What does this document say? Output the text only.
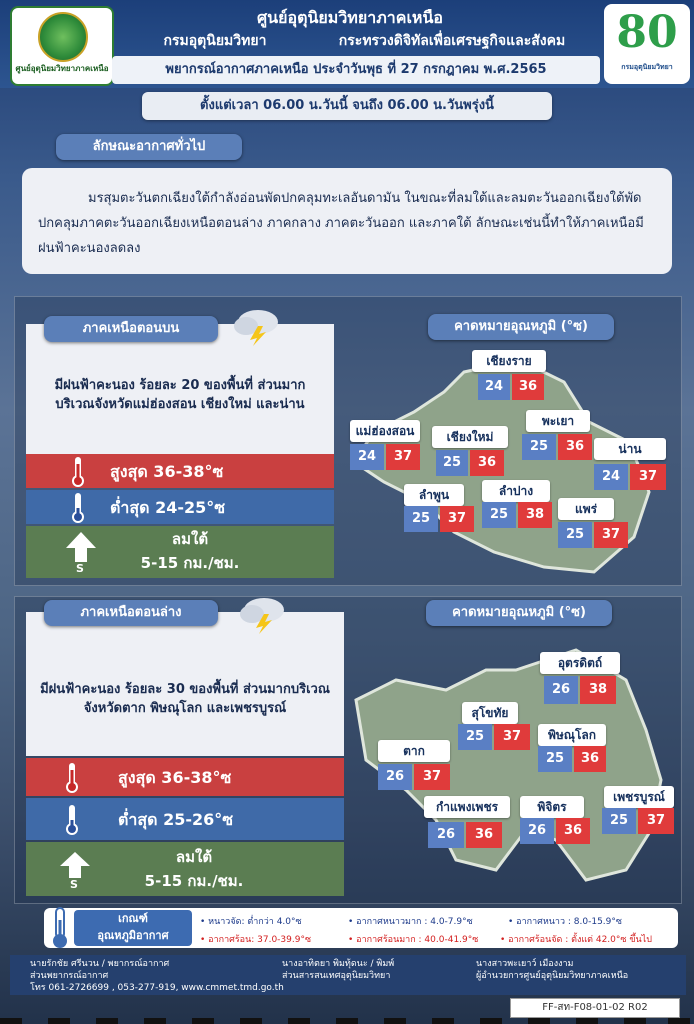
ศูนย์อุตุนิยมวิทยาภาคเหนือ
ศูนย์อุตุนิยมวิทยาภาคเหนือ
กรมอุตุนิยมวิทยา	กระทรวงดิจิทัลเพื่อเศรษฐกิจและสังคม
พยากรณ์อากาศภาคเหนือ ประจำวันพุธ ที่ 27 กรกฎาคม พ.ศ.2565
80
กรมอุตุนิยมวิทยา
ตั้งแต่เวลา 06.00 น.วันนี้ จนถึง 06.00 น.วันพรุ่งนี้
ลักษณะอากาศทั่วไป
มรสุมตะวันตกเฉียงใต้กำลังอ่อนพัดปกคลุมทะเลอันดามัน ในขณะที่ลมใต้และลมตะวันออกเฉียงใต้พัดปกคลุมภาคตะวันออกเฉียงเหนือตอนล่าง ภาคกลาง ภาคตะวันออก และภาคใต้ ลักษณะเช่นนี้ทำให้ภาคเหนือมีฝนฟ้าคะนองลดลง
ภาคเหนือตอนบน
มีฝนฟ้าคะนอง ร้อยละ 20 ของพื้นที่ ส่วนมากบริเวณจังหวัดแม่ฮ่องสอน เชียงใหม่ และน่าน
สูงสุด 36-38°ซ
ต่ำสุด 24-25°ซ
S
ลมใต้
5-15 กม./ชม.
คาดหมายอุณหภูมิ (°ซ)
เชียงราย
24	36
แม่ฮ่องสอน
24	37
เชียงใหม่
25	36
พะเยา
25	36	น่าน
24	37
ลำพูน
25	37
ลำปาง
25	38	แพร่
25	37
ภาคเหนือตอนล่าง
มีฝนฟ้าคะนอง ร้อยละ 30 ของพื้นที่ ส่วนมากบริเวณจังหวัดตาก พิษณุโลก และเพชรบูรณ์
สูงสุด 36-38°ซ
ต่ำสุด 25-26°ซ
S
ลมใต้
5-15 กม./ชม.
คาดหมายอุณหภูมิ (°ซ)
อุตรดิตถ์
26	38
สุโขทัย
25	37	พิษณุโลก
25	36
ตาก
26	37
กำแพงเพชร
26	36
พิจิตร
26	36
เพชรบูรณ์
25	37
เกณฑ์
อุณหภูมิอากาศ
• หนาวจัด: ต่ำกว่า 4.0°ซ	• อากาศหนาวมาก : 4.0-7.9°ซ	• อากาศหนาว : 8.0-15.9°ซ
• อากาศร้อน: 37.0-39.9°ซ	• อากาศร้อนมาก : 40.0-41.9°ซ • อากาศร้อนจัด : ตั้งแต่ 42.0°ซ ขึ้นไป
นายรักชัย ศรีนวน / พยากรณ์อากาศ
ส่วนพยากรณ์อากาศ
โทร 061-2726699 , 053-277-919, www.cmmet.tmd.go.th
นางอาทิตยา พิมทุ้ดนะ / พิมพ์
ส่วนสารสนเทศอุตุนิยมวิทยา
นางสาวพะเยาว์ เมืองงาม
ผู้อำนวยการศูนย์อุตุนิยมวิทยาภาคเหนือ
FF-สท-F08-01-02 R02
